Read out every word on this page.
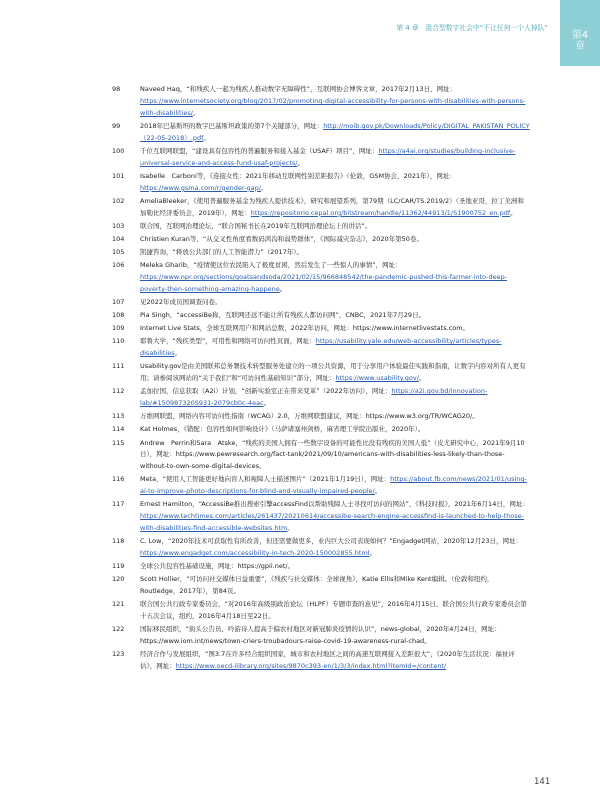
第 4 章　混合型数字社会中“不让任何一个人掉队”
第4
章
98	Naveed Haq，“和残疾人一起为残疾人推动数字无障碍性”，互联网协会博客文章，2017年2月13日，网址：https://www.internetsociety.org/blog/2017/02/promoting-digital-accessibility-for-persons-with-disabilities-with-persons-with-disabilities/。
99	2018年巴基斯坦的数字巴基斯坦政策的第7个关键部分，网址：http://moib.gov.pk/Downloads/Policy/DIGITAL_PAKISTAN_POLICY（22-05-2018）.pdf。
100	千位互联网联盟，“建设具有包容性的普遍服务和接入基金（USAF）项目”，网址：https://a4ai.org/studies/building-inclusive-universal-service-and-access-fund-usaf-projects/。
101	Isabelle　Carboni等，《连接女性：2021年移动互联网性别差距报告》（伦敦，GSM协会，2021年），网址：https://www.gsma.com/r/gender-gap/。
102	AmeliaBleeker，《使用普遍服务基金为残疾人提供技术》，研究和展望系列，第79期（LC/CAR/TS.2019/2）（圣地亚哥，拉丁美洲和加勒比经济委员会，2019年），网址：https://repositorio.cepal.org/bitstream/handle/11362/44913/1/S1900752_en.pdf。
103	联合国，互联网治理论坛，“联合国秘书长在2019年互联网治理论坛上的讲话”。
104	Christien Kuran等，“从交叉性角度看数码鸿沟和弱势群体”，《国际减灾杂志》，2020年第50卷。
105	凯捷咨询，“释放公共部门的人工智能潜力”（2017年）。
106	Meleka Gharib，“疫情使这位农民陷入了极度贫困，然后发生了一些惊人的事情”，网址：https://www.npr.org/sections/goatsandsoda/2021/02/15/966848542/the-pandemic-pushed-this-farmer-into-deep-poverty-then-something-amazing-happene。
107	见2022年成员国调查问卷。
108	Pia Singh，“accessiBe称，互联网还远不能让所有残疾人都访问网”，CNBC，2021年7月29日。
109	Internet Live Stats，全球互联网用户和网站总数，2022年访问，网址：https://www.internetlivestats.com。
110	耶鲁大学，“残疾类型”，可用性和网络可访问性页面，网址：https://usability.yale.edu/web-accessibility/articles/types-disabilities。
111	Usability.gov是由美国联邦总务署技术转型服务处建立的一项公共资源，用于分享用户体验最佳实践和指南，让数字内容对所有人更有用；请参阅该网站的“关于我们”和“可访问性基础知识”部分，网址：https://www.usability.gov/。
112	孟加拉国，信息获取（A2i）计划，“创新实验室正在带来变革”（2022年访问），网址：https://a2i.gov.bd/innovation-lab/#150987320S931-2079cb0c-4eac。
113	万维网联盟，网络内容可访问性指南（WCAG）2.0，万维网联盟建议，网址：https://www.w3.org/TR/WCAG20/。
114	Kat Holmes，《错配：包容性如何影响设计》（马萨诸塞州剑桥，麻省理工学院出版社，2020年）。
115	Andrew　Perrin和Sara　Atske，“残疾的美国人拥有一些数字设备的可能性比没有残疾的美国人低”（皮尤研究中心，2021年9月10日），网址：https://www.pewresearch.org/fact-tank/2021/09/10/americans-with-disabilities-less-likely-than-those-without-to-own-some-digital-devices。
116	Meta，“使用人工智能更好地向盲人和视障人士描述图片”（2021年1月19日），网址：https://about.fb.com/news/2021/01/using-ai-to-improve-photo-descriptions-for-blind-and-visually-impaired-people/。
117	Ernest Hamilton，“AccessiBe推出搜索引擎accessFind以帮助残障人士寻找可访问的网站”，《科技时报》，2021年6月14日，网址：https://www.techtimes.com/articles/261437/20210614/accessibe-search-engine-accessfind-is-launched-to-help-those-with-disabilities-find-accessible-websites.htm。
118	C. Low，“2020年技术可获取性有所改善，但还需要做更多，业内巨大公司表现如何？”Engadget网站，2020年12月23日，网址：https://www.engadget.com/accessibility-in-tech-2020-150002855.html。
119	全球公共包容性基础设施，网址：https://gpii.net/。
120	Scott Hollier，“可访问社交媒体日益重要”，《残疾与社交媒体：全球视角》，Katie Ellis和Mike Kent编辑。（伦敦和纽约，Routledge，2017年），第84页。
121	联合国公共行政专家委员会，“对2016年高级别政治论坛（HLPF）专题审查的意见”，2016年4月15日，联合国公共行政专家委员会第十五次会议，纽约，2016年4月18日至22日。
122	国际移民组织，“街头公告员、吟游诗人提高于偏农村地区对新冠肺炎疫情的认识”，news-global，2020年4月24日，网址：https://www.iom.int/news/town-criers-troubadours-raise-covid-19-awareness-rural-chad。
123	经济合作与发展组织，“图3.7在许多经合组织国家，城市和农村地区之间的高速互联网接入差距很大”，《2020年生活状况：福祉评估》，网址：https://www.oecd-ilibrary.org/sites/9870c393-en/1/3/3/index.html?itemId=/content/
141
